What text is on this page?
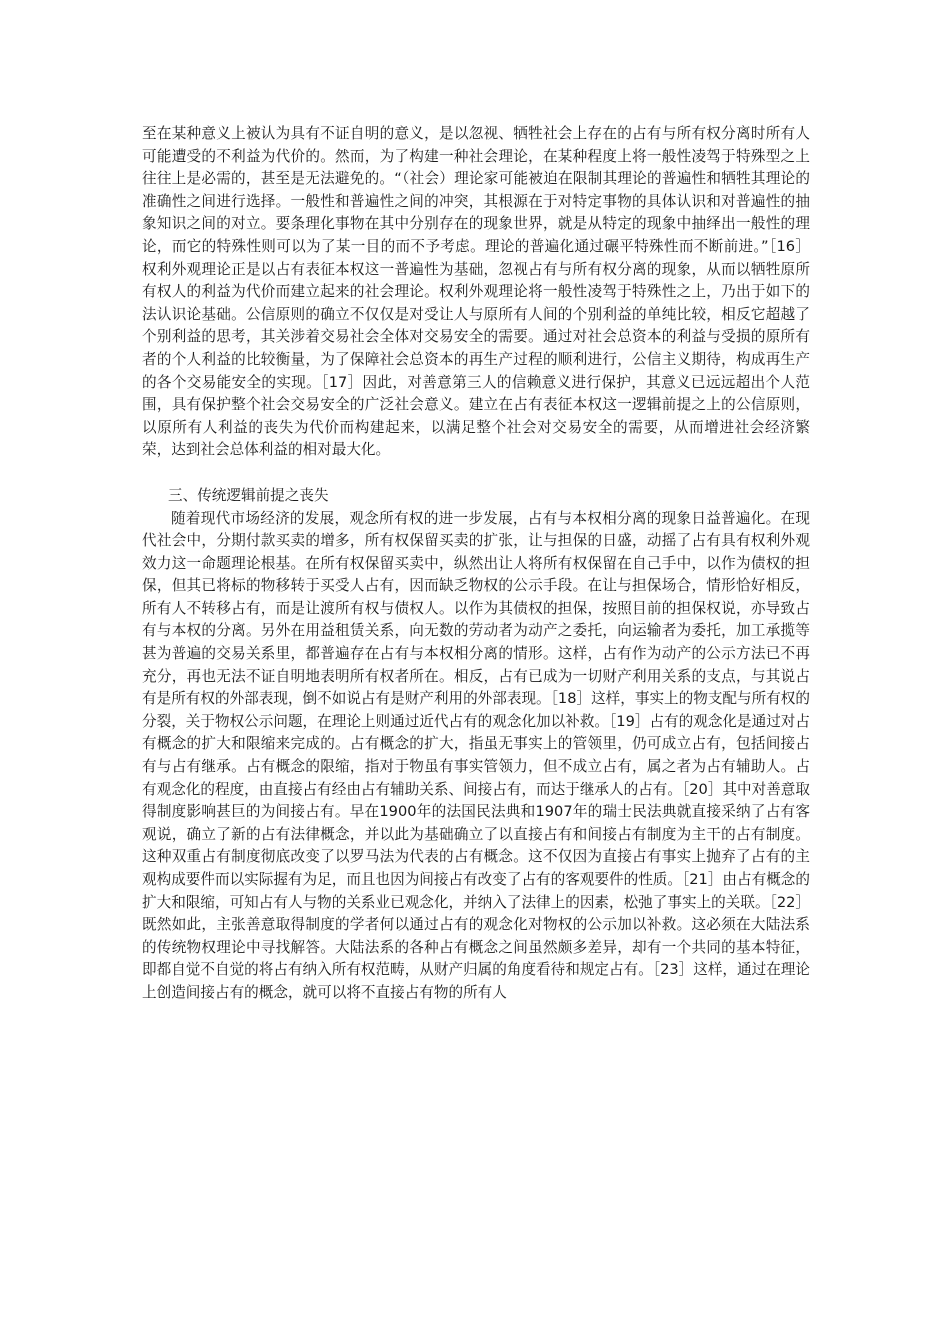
至在某种意义上被认为具有不证自明的意义，是以忽视、牺牲社会上存在的占有与所有权分离时所有人可能遭受的不利益为代价的。然而，为了构建一种社会理论，在某种程度上将一般性凌驾于特殊型之上往往上是必需的，甚至是无法避免的。“（社会）理论家可能被迫在限制其理论的普遍性和牺牲其理论的准确性之间进行选择。一般性和普遍性之间的冲突，其根源在于对特定事物的具体认识和对普遍性的抽象知识之间的对立。要条理化事物在其中分别存在的现象世界，就是从特定的现象中抽绎出一般性的理论，而它的特殊性则可以为了某一目的而不予考虑。理论的普遍化通过碾平特殊性而不断前进。”［16］权利外观理论正是以占有表征本权这一普遍性为基础，忽视占有与所有权分离的现象，从而以牺牲原所有权人的利益为代价而建立起来的社会理论。权利外观理论将一般性凌驾于特殊性之上，乃出于如下的法认识论基础。公信原则的确立不仅仅是对受让人与原所有人间的个别利益的单纯比较，相反它超越了个别利益的思考，其关涉着交易社会全体对交易安全的需要。通过对社会总资本的利益与受损的原所有者的个人利益的比较衡量，为了保障社会总资本的再生产过程的顺利进行，公信主义期待，构成再生产的各个交易能安全的实现。［17］因此，对善意第三人的信赖意义进行保护，其意义已远远超出个人范围，具有保护整个社会交易安全的广泛社会意义。建立在占有表征本权这一逻辑前提之上的公信原则，以原所有人利益的丧失为代价而构建起来，以满足整个社会对交易安全的需要，从而增进社会经济繁荣，达到社会总体利益的相对最大化。

三、传统逻辑前提之丧失

随着现代市场经济的发展，观念所有权的进一步发展，占有与本权相分离的现象日益普遍化。在现代社会中，分期付款买卖的增多，所有权保留买卖的扩张，让与担保的日盛，动摇了占有具有权利外观效力这一命题理论根基。在所有权保留买卖中，纵然出让人将所有权保留在自己手中，以作为债权的担保，但其已将标的物移转于买受人占有，因而缺乏物权的公示手段。在让与担保场合，情形恰好相反，所有人不转移占有，而是让渡所有权与债权人。以作为其债权的担保，按照目前的担保权说，亦导致占有与本权的分离。另外在用益租赁关系，向无数的劳动者为动产之委托，向运输者为委托，加工承揽等甚为普遍的交易关系里，都普遍存在占有与本权相分离的情形。这样，占有作为动产的公示方法已不再充分，再也无法不证自明地表明所有权者所在。相反，占有已成为一切财产利用关系的支点，与其说占有是所有权的外部表现，倒不如说占有是财产利用的外部表现。［18］这样，事实上的物支配与所有权的分裂，关于物权公示问题，在理论上则通过近代占有的观念化加以补救。［19］占有的观念化是通过对占有概念的扩大和限缩来完成的。占有概念的扩大，指虽无事实上的管领里，仍可成立占有，包括间接占有与占有继承。占有概念的限缩，指对于物虽有事实管领力，但不成立占有，属之者为占有辅助人。占有观念化的程度，由直接占有经由占有辅助关系、间接占有，而达于继承人的占有。［20］其中对善意取得制度影响甚巨的为间接占有。早在1900年的法国民法典和1907年的瑞士民法典就直接采纳了占有客观说，确立了新的占有法律概念，并以此为基础确立了以直接占有和间接占有制度为主干的占有制度。这种双重占有制度彻底改变了以罗马法为代表的占有概念。这不仅因为直接占有事实上抛弃了占有的主观构成要件而以实际握有为足，而且也因为间接占有改变了占有的客观要件的性质。［21］由占有概念的扩大和限缩，可知占有人与物的关系业已观念化，并纳入了法律上的因素，松弛了事实上的关联。［22］既然如此，主张善意取得制度的学者何以通过占有的观念化对物权的公示加以补救。这必须在大陆法系的传统物权理论中寻找解答。大陆法系的各种占有概念之间虽然颇多差异，却有一个共同的基本特征，即都自觉不自觉的将占有纳入所有权范畴，从财产归属的角度看待和规定占有。［23］这样，通过在理论上创造间接占有的概念，就可以将不直接占有物的所有人
